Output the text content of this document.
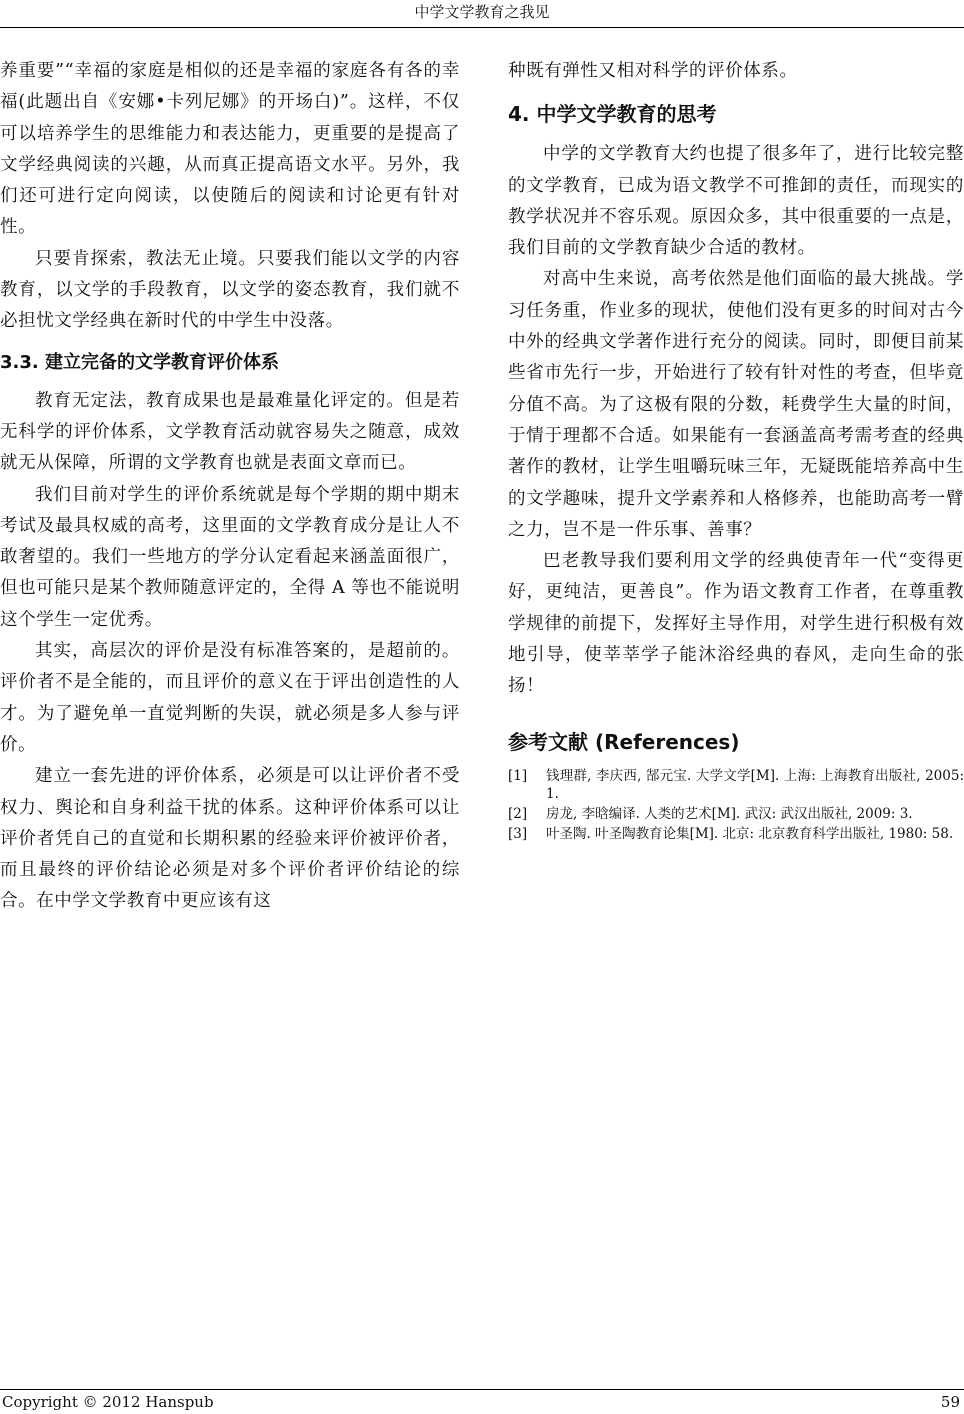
中学文学教育之我见

养重要”“幸福的家庭是相似的还是幸福的家庭各有各的幸福(此题出自《安娜•卡列尼娜》的开场白)”。这样，不仅可以培养学生的思维能力和表达能力，更重要的是提高了文学经典阅读的兴趣，从而真正提高语文水平。另外，我们还可进行定向阅读，以使随后的阅读和讨论更有针对性。

只要肯探索，教法无止境。只要我们能以文学的内容教育，以文学的手段教育，以文学的姿态教育，我们就不必担忧文学经典在新时代的中学生中没落。

3.3. 建立完备的文学教育评价体系

教育无定法，教育成果也是最难量化评定的。但是若无科学的评价体系，文学教育活动就容易失之随意，成效就无从保障，所谓的文学教育也就是表面文章而已。

我们目前对学生的评价系统就是每个学期的期中期末考试及最具权威的高考，这里面的文学教育成分是让人不敢奢望的。我们一些地方的学分认定看起来涵盖面很广，但也可能只是某个教师随意评定的，全得 A 等也不能说明这个学生一定优秀。

其实，高层次的评价是没有标准答案的，是超前的。评价者不是全能的，而且评价的意义在于评出创造性的人才。为了避免单一直觉判断的失误，就必须是多人参与评价。

建立一套先进的评价体系，必须是可以让评价者不受权力、舆论和自身利益干扰的体系。这种评价体系可以让评价者凭自己的直觉和长期积累的经验来评价被评价者，而且最终的评价结论必须是对多个评价者评价结论的综合。在中学文学教育中更应该有这

种既有弹性又相对科学的评价体系。

4. 中学文学教育的思考

中学的文学教育大约也提了很多年了，进行比较完整的文学教育，已成为语文教学不可推卸的责任，而现实的教学状况并不容乐观。原因众多，其中很重要的一点是，我们目前的文学教育缺少合适的教材。

对高中生来说，高考依然是他们面临的最大挑战。学习任务重，作业多的现状，使他们没有更多的时间对古今中外的经典文学著作进行充分的阅读。同时，即便目前某些省市先行一步，开始进行了较有针对性的考查，但毕竟分值不高。为了这极有限的分数，耗费学生大量的时间，于情于理都不合适。如果能有一套涵盖高考需考查的经典著作的教材，让学生咀嚼玩味三年，无疑既能培养高中生的文学趣味，提升文学素养和人格修养，也能助高考一臂之力，岂不是一件乐事、善事？

巴老教导我们要利用文学的经典使青年一代“变得更好，更纯洁，更善良”。作为语文教育工作者，在尊重教学规律的前提下，发挥好主导作用，对学生进行积极有效地引导，使莘莘学子能沐浴经典的春风，走向生命的张扬！

参考文献 (References)
[1]	钱理群, 李庆西, 郜元宝. 大学文学[M]. 上海: 上海教育出版社, 2005: 1.
[2]	房龙, 李晗编译. 人类的艺术[M]. 武汉: 武汉出版社, 2009: 3.
[3]	叶圣陶. 叶圣陶教育论集[M]. 北京: 北京教育科学出版社, 1980: 58.
Copyright © 2012 Hanspub	59
